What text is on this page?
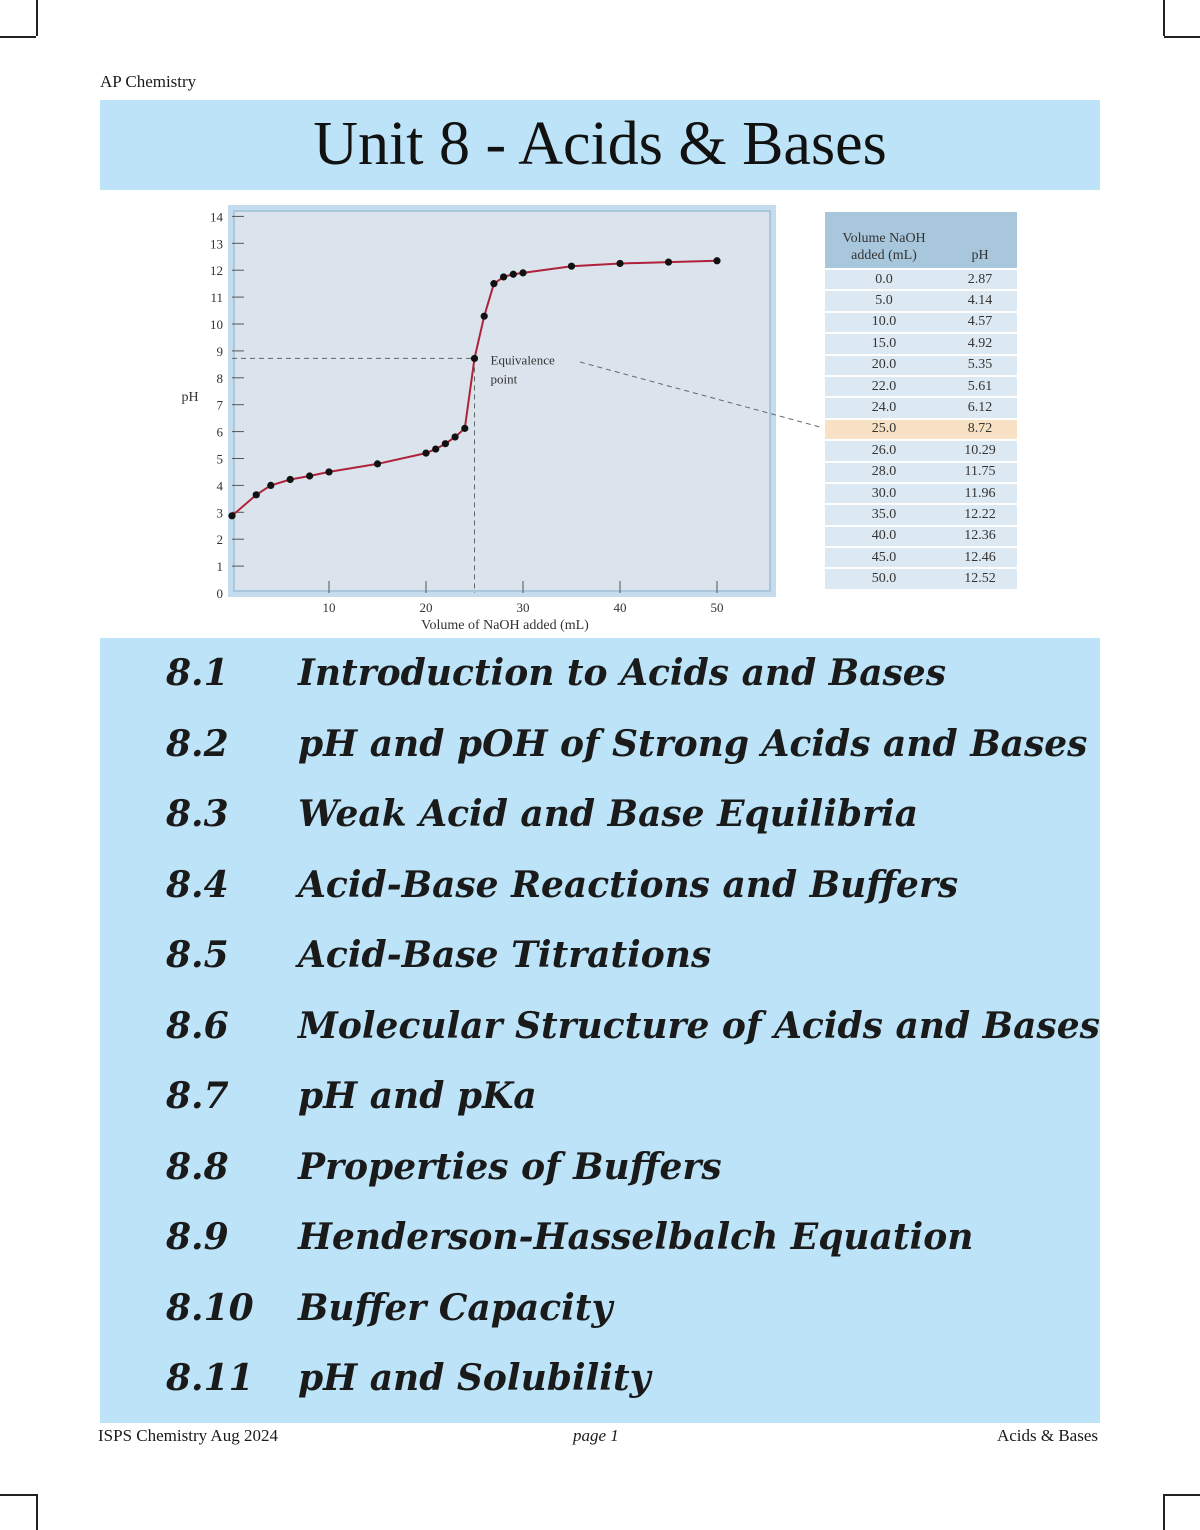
AP Chemistry
Unit 8 - Acids & Bases
0
1
2
3
4
5
6
7
8
9
10
11
12
13
14
10	20	30	40	50
pH
Volume of NaOH added (mL)
Equivalence
point
Volume NaOH
added (mL)	pH
0.0	2.87
5.0	4.14
10.0	4.57
15.0	4.92
20.0	5.35
22.0	5.61
24.0	6.12
25.0	8.72
26.0	10.29
28.0	11.75
30.0	11.96
35.0	12.22
40.0	12.36
45.0	12.46
50.0	12.52
8.1 Introduction to Acids and Bases
8.2 pH and pOH of Strong Acids and Bases
8.3 Weak Acid and Base Equilibria
8.4 Acid-Base Reactions and Buffers
8.5 Acid-Base Titrations
8.6 Molecular Structure of Acids and Bases
8.7 pH and pKa
8.8 Properties of Buffers
8.9 Henderson-Hasselbalch Equation
8.10 Buffer Capacity
8.11 pH and Solubility
ISPS Chemistry Aug 2024	page 1	Acids & Bases
